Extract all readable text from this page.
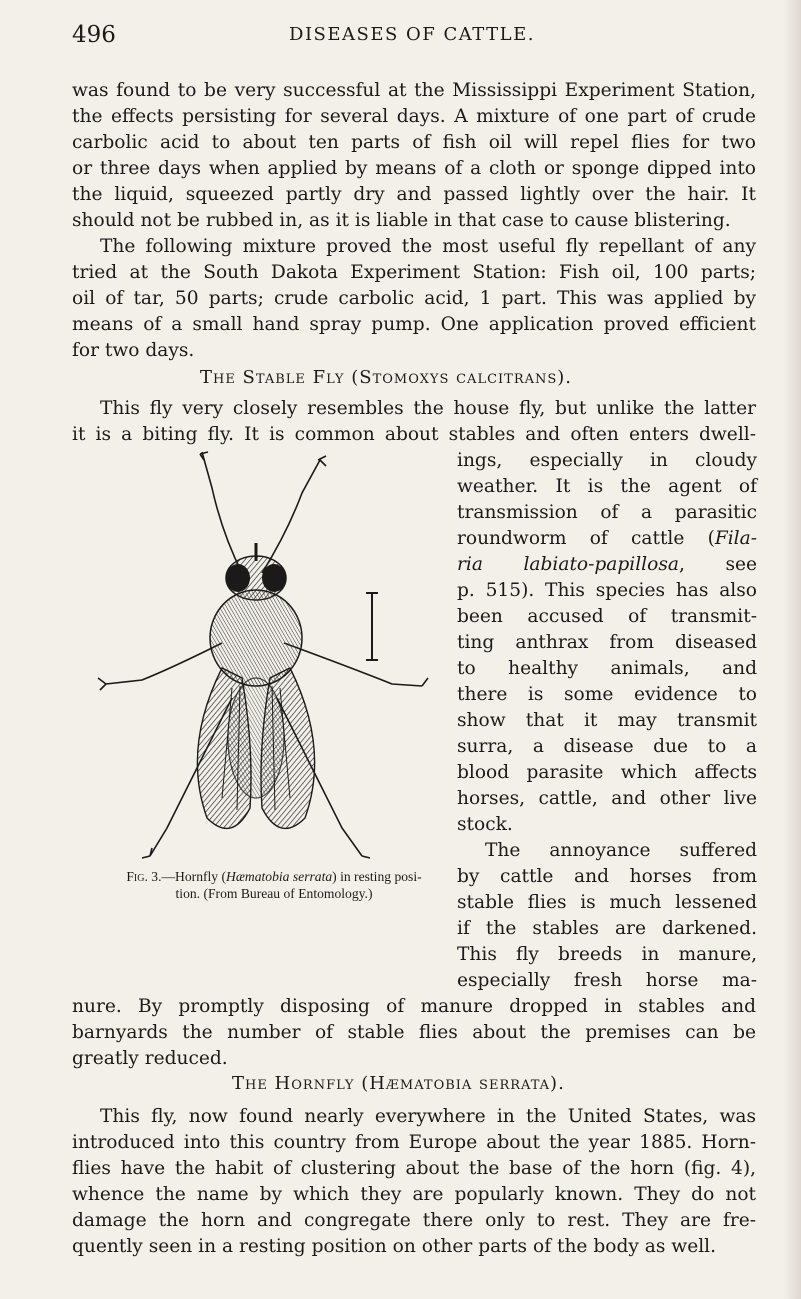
496	DISEASES OF CATTLE.

was found to be very successful at the Mississippi Experiment Station,
the effects persisting for several days. A mixture of one part of crude
carbolic acid to about ten parts of fish oil will repel flies for two
or three days when applied by means of a cloth or sponge dipped into
the liquid, squeezed partly dry and passed lightly over the hair. It
should not be rubbed in, as it is liable in that case to cause blistering.

The following mixture proved the most useful fly repellant of any
tried at the South Dakota Experiment Station: Fish oil, 100 parts;
oil of tar, 50 parts; crude carbolic acid, 1 part. This was applied by
means of a small hand spray pump. One application proved efficient
for two days.

The Stable Fly (Stomoxys calcitrans).

This fly very closely resembles the house fly, but unlike the latter
it is a biting fly. It is common about stables and often enters dwell-

ings, especially in cloudy
weather. It is the agent of
transmission of a parasitic
roundworm of cattle (Fila-
ria labiato-papillosa, see
p. 515). This species has also
been accused of transmit-
ting anthrax from diseased
to healthy animals, and
there is some evidence to
show that it may transmit
surra, a disease due to a
blood parasite which affects
horses, cattle, and other live
stock.

The annoyance suffered
by cattle and horses from
stable flies is much lessened
if the stables are darkened.
This fly breeds in manure,
especially fresh horse ma-

Fig. 3.—Hornfly (Hæmatobia serrata) in resting posi-
tion. (From Bureau of Entomology.)

nure. By promptly disposing of manure dropped in stables and
barnyards the number of stable flies about the premises can be
greatly reduced.

The Hornfly (Hæmatobia serrata).

This fly, now found nearly everywhere in the United States, was
introduced into this country from Europe about the year 1885. Horn-
flies have the habit of clustering about the base of the horn (fig. 4),
whence the name by which they are popularly known. They do not
damage the horn and congregate there only to rest. They are fre-
quently seen in a resting position on other parts of the body as well.
